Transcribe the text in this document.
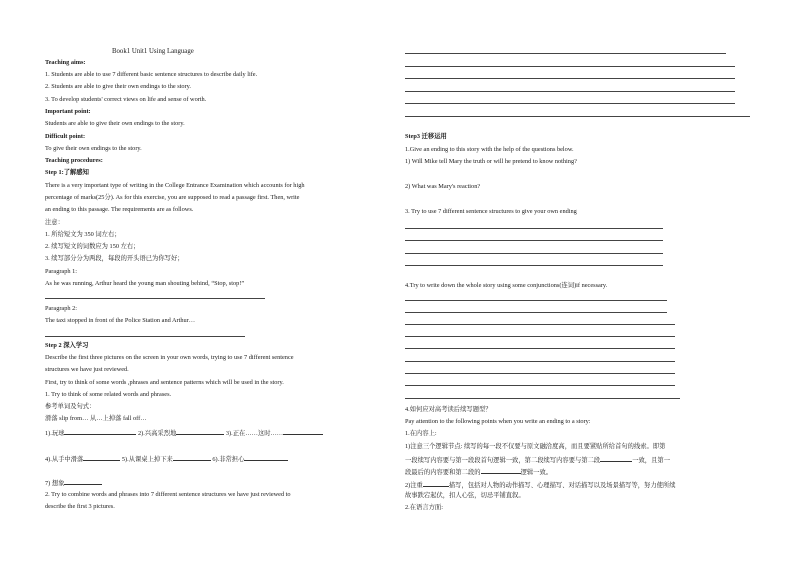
Book1 Unit1 Using Language
Teaching aims:
1. Students are able to use 7 different basic sentence structures to describe daily life.
2. Students are able to give their own endings to the story.
3. To develop students' correct views on life and sense of worth.
Important point:
Students are able to give their own endings to the story.
Difficult point:
To give their own endings to the story.
Teaching procedures:
Step 1:了解感知
There is a very important type of writing in the College Entrance Examination which accounts for high
percentage of marks(25分). As for this exercise, you are supposed to read a passage first. Then, write
an ending to this passage. The requirements are as follows.
注意：
1. 所给短文为 350 词左右；
2. 续写短文的词数应为 150 左右；
3. 续写部分分为两段，每段的开头语已为你写好；
Paragraph 1:
As he was running, Arthur heard the young man shouting behind, “Stop, stop!”
Paragraph 2:
The taxi stopped in front of the Police Station and Arthur…
Step 2 深入学习
Describe the first three pictures on the screen in your own words, trying to use 7 different sentence
structures we have just reviewed.
First, try to think of some words ,phrases and sentence patterns which will be used in the story.
1. Try to think of some related words and phrases.
参考单词及句式：
滑落 slip from… 从…上掉落 fall off…
1).玩球	2).兴高采烈地	3).正在……这时……
4).从手中滑落	5).从课桌上掉下来	6).非常担心
7) 想象
2. Try to combine words and phrases into 7 different sentence structures we have just reviewed to
describe the first 3 pictures.
Step3 迁移运用
1.Give an ending to this story with the help of the questions below.
1) Will Mike tell Mary the truth or will he pretend to know nothing?
2) What was Mary's reaction?
3. Try to use 7 different sentence structures to give your own ending
4.Try to write down the whole story using some conjunctions(连词)if necessary.
4.如何应对高考读后续写题型？
Pay attention to the following points when you write an ending to a story:
1.在内容上:
1)注意三个逻辑节点: 续写的每一段不仅要与原文融洽度高，而且要紧贴所给首句的线索。即第
一段续写内容要与第一段段首句逻辑一致，第二段续写内容要与第二段	一致，且第一
段最后的内容要和第二段的	逻辑一致。
2)注重	描写，包括对人物的动作描写、心理描写、对话描写以及场景描写等，努力使所续
故事跌宕起伏，扣人心弦，切忌平铺直叙。
2.在语言方面:
